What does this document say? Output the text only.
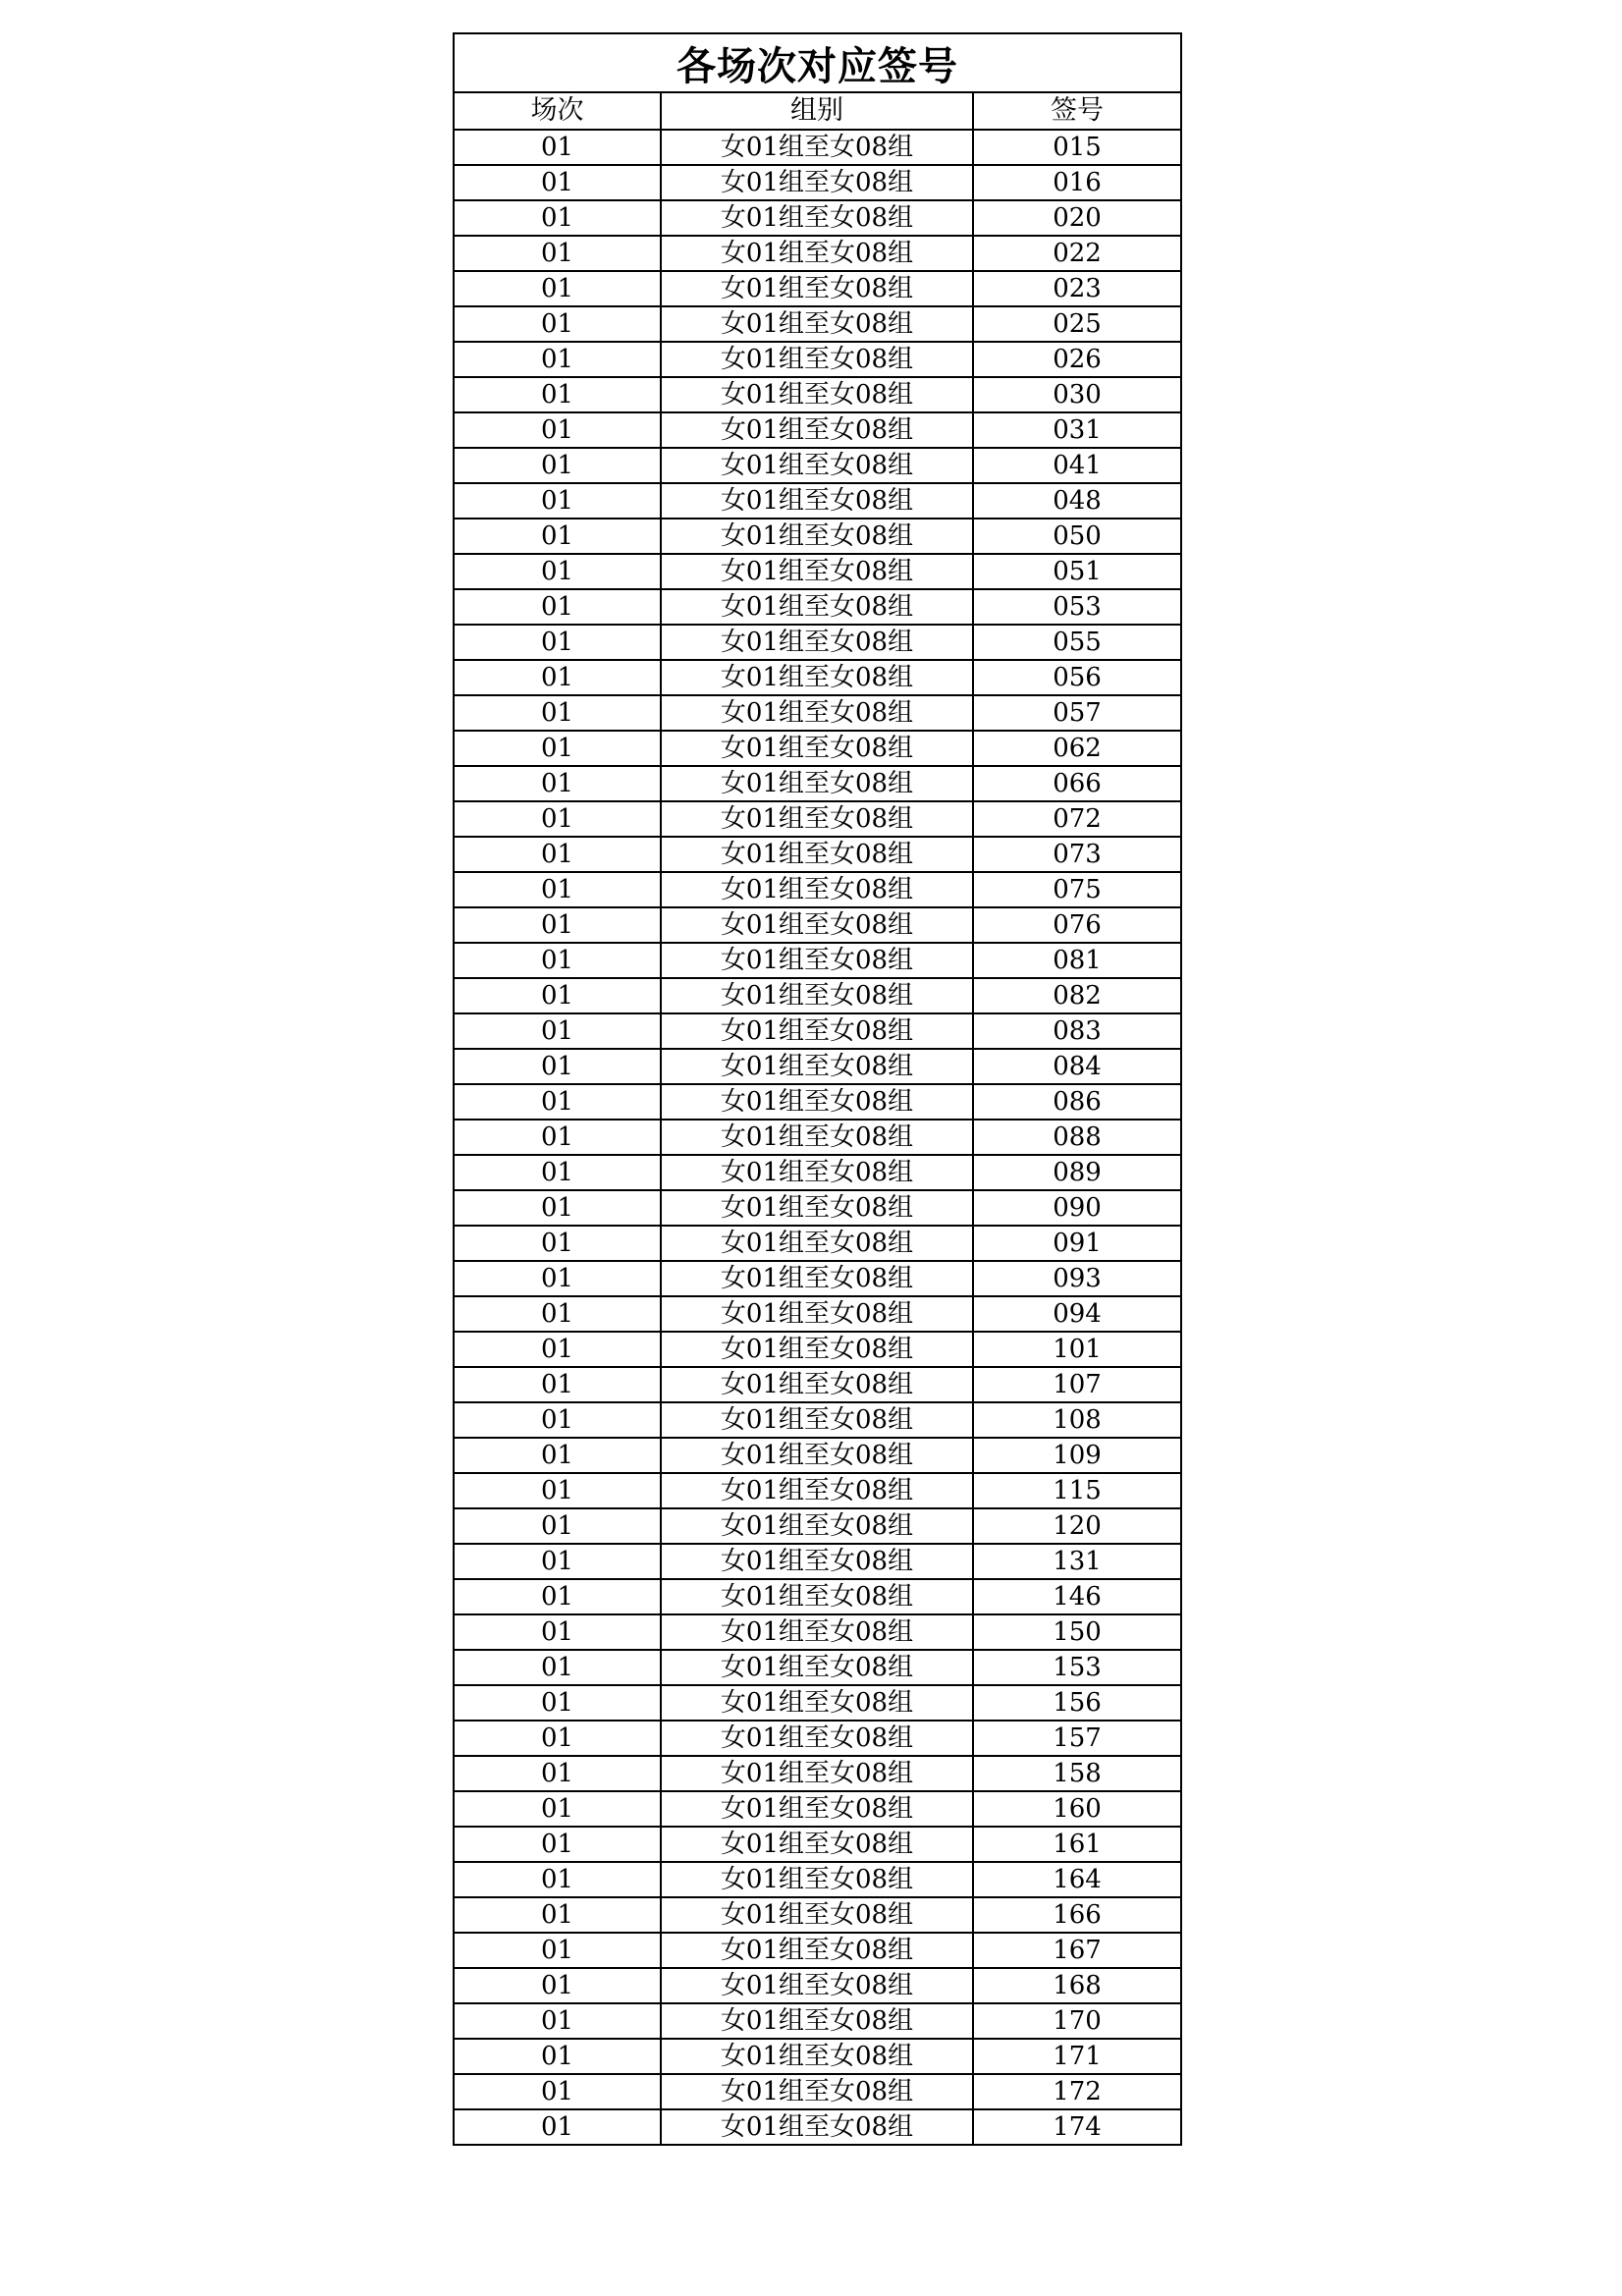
各场次对应签号		
场次	组别	签号
01	女01组至女08组	015
01	女01组至女08组	016
01	女01组至女08组	020
01	女01组至女08组	022
01	女01组至女08组	023
01	女01组至女08组	025
01	女01组至女08组	026
01	女01组至女08组	030
01	女01组至女08组	031
01	女01组至女08组	041
01	女01组至女08组	048
01	女01组至女08组	050
01	女01组至女08组	051
01	女01组至女08组	053
01	女01组至女08组	055
01	女01组至女08组	056
01	女01组至女08组	057
01	女01组至女08组	062
01	女01组至女08组	066
01	女01组至女08组	072
01	女01组至女08组	073
01	女01组至女08组	075
01	女01组至女08组	076
01	女01组至女08组	081
01	女01组至女08组	082
01	女01组至女08组	083
01	女01组至女08组	084
01	女01组至女08组	086
01	女01组至女08组	088
01	女01组至女08组	089
01	女01组至女08组	090
01	女01组至女08组	091
01	女01组至女08组	093
01	女01组至女08组	094
01	女01组至女08组	101
01	女01组至女08组	107
01	女01组至女08组	108
01	女01组至女08组	109
01	女01组至女08组	115
01	女01组至女08组	120
01	女01组至女08组	131
01	女01组至女08组	146
01	女01组至女08组	150
01	女01组至女08组	153
01	女01组至女08组	156
01	女01组至女08组	157
01	女01组至女08组	158
01	女01组至女08组	160
01	女01组至女08组	161
01	女01组至女08组	164
01	女01组至女08组	166
01	女01组至女08组	167
01	女01组至女08组	168
01	女01组至女08组	170
01	女01组至女08组	171
01	女01组至女08组	172
01	女01组至女08组	174
